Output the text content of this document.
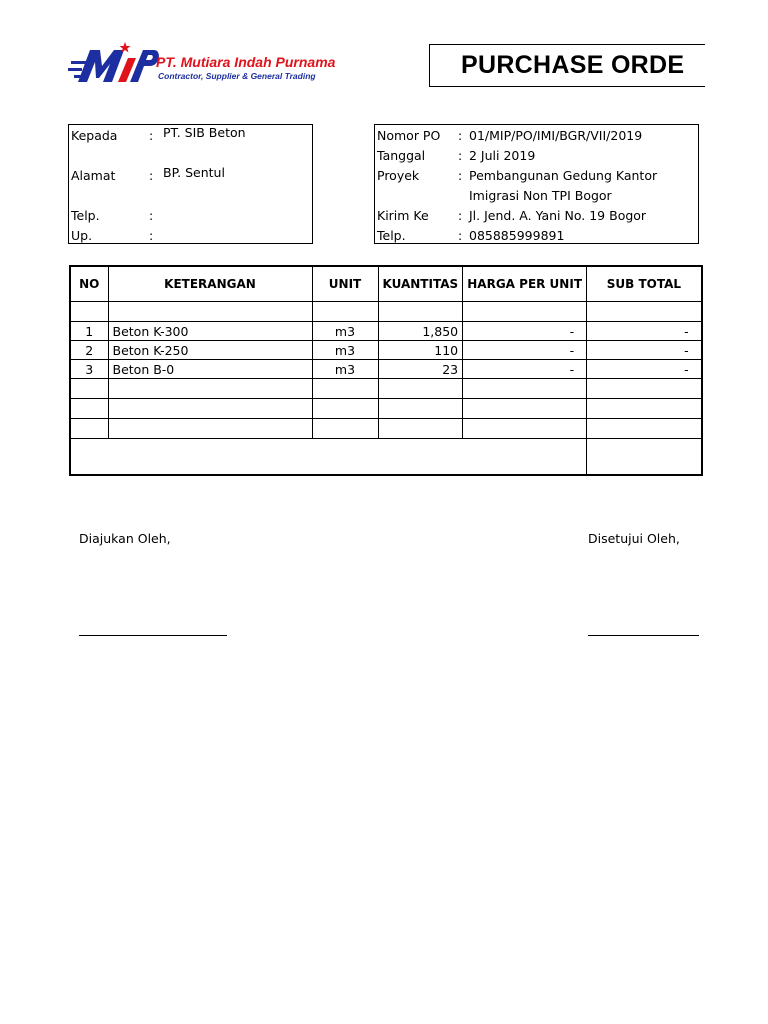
PT. Mutiara Indah Purnama
Contractor, Supplier & General Trading	PURCHASE ORDE
Kepada	: PT. SIB Beton
Alamat	: BP. Sentul
Telp.	:
Up.	:
Nomor PO : 01/MIP/PO/IMI/BGR/VII/2019
Tanggal	: 2 Juli 2019
Proyek	: Pembangunan Gedung Kantor
Imigrasi Non TPI Bogor
Kirim Ke : Jl. Jend. A. Yani No. 19 Bogor
Telp.	: 085885999891
NO	KETERANGAN	UNIT	KUANTITAS	HARGA PER UNIT	SUB TOTAL

1	Beton K-300	m3	1,850	-	-
2	Beton K-250	m3	110	-	-
3	Beton B-0	m3	23	-	-

Diajukan Oleh,	Disetujui Oleh,
